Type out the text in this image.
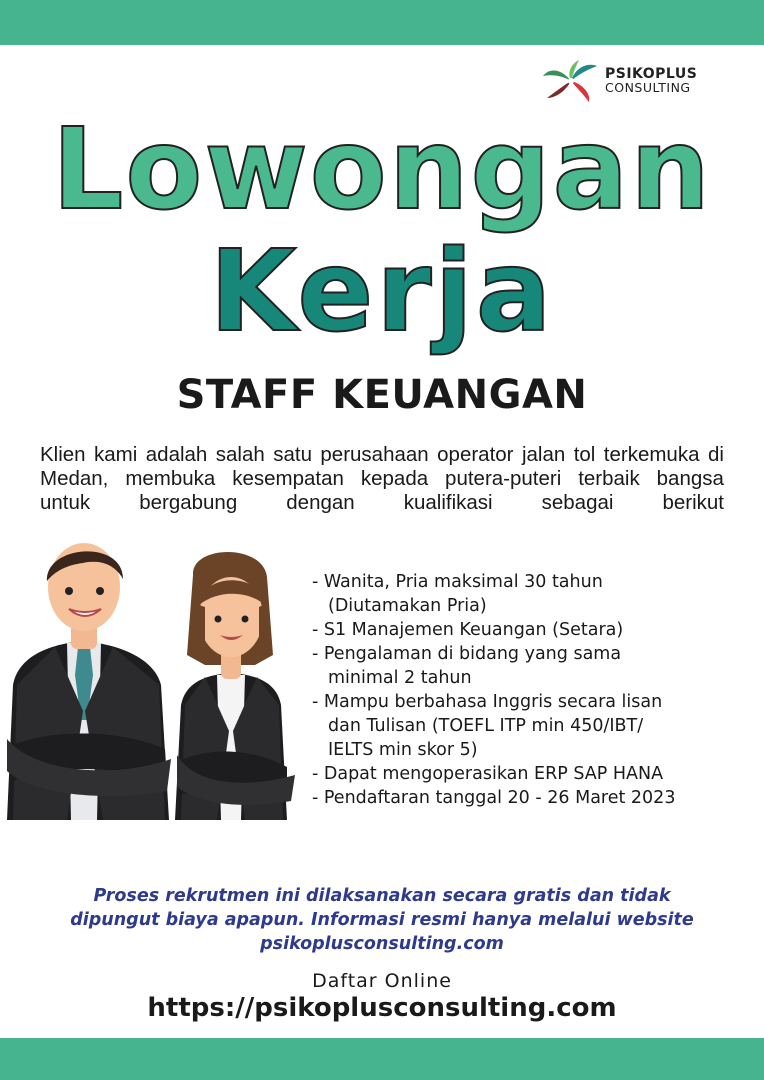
PSIKOPLUS
CONSULTING
Lowongan
Kerja
STAFF KEUANGAN
Klien kami adalah salah satu perusahaan operator jalan tol terkemuka di
Medan, membuka kesempatan kepada putera-puteri terbaik bangsa
untuk bergabung dengan kualifikasi sebagai berikut
- Wanita, Pria maksimal 30 tahun
(Diutamakan Pria)
- S1 Manajemen Keuangan (Setara)
- Pengalaman di bidang yang sama
minimal 2 tahun
- Mampu berbahasa Inggris secara lisan
dan Tulisan (TOEFL ITP min 450/IBT/
IELTS min skor 5)
- Dapat mengoperasikan ERP SAP HANA
- Pendaftaran tanggal 20 - 26 Maret 2023
Proses rekrutmen ini dilaksanakan secara gratis dan tidak
dipungut biaya apapun. Informasi resmi hanya melalui website
psikoplusconsulting.com
Daftar Online
https://psikoplusconsulting.com
